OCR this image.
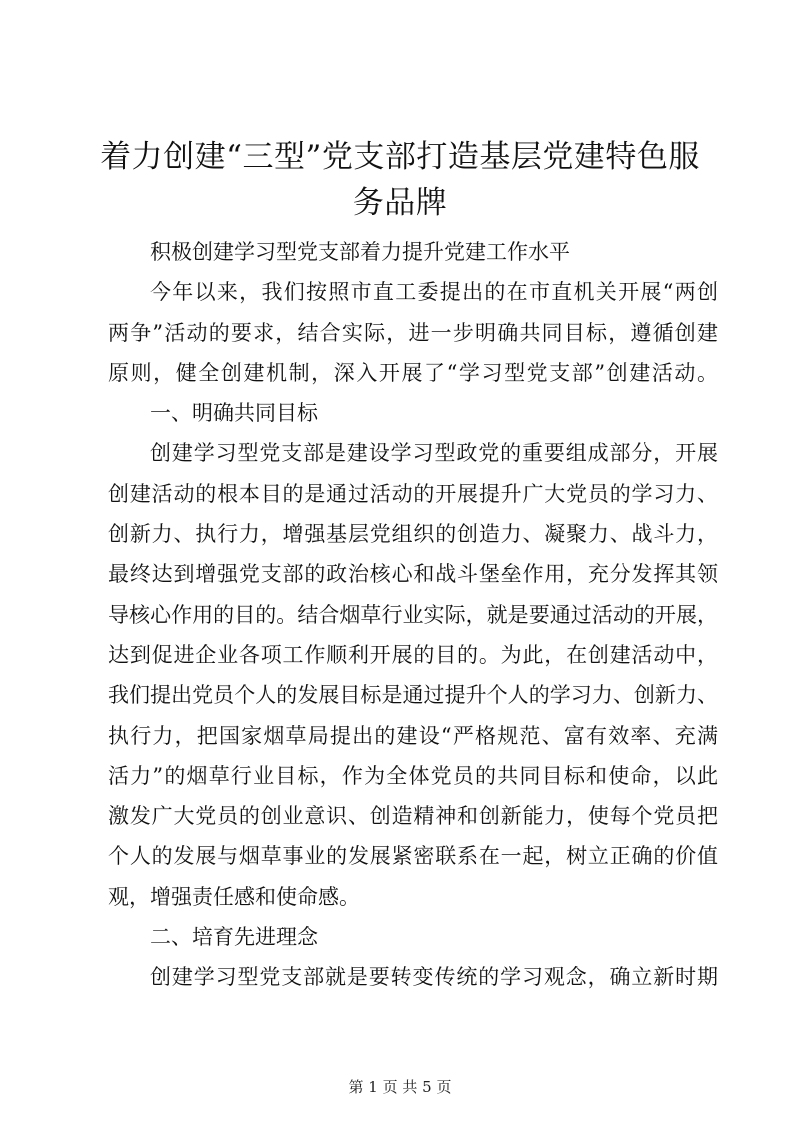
着力创建“三型”党支部打造基层党建特色服
务品牌
积极创建学习型党支部着力提升党建工作水平
今年以来，我们按照市直工委提出的在市直机关开展“两创
两争”活动的要求，结合实际，进一步明确共同目标，遵循创建
原则，健全创建机制，深入开展了“学习型党支部”创建活动。
一、明确共同目标
创建学习型党支部是建设学习型政党的重要组成部分，开展
创建活动的根本目的是通过活动的开展提升广大党员的学习力、
创新力、执行力，增强基层党组织的创造力、凝聚力、战斗力，
最终达到增强党支部的政治核心和战斗堡垒作用，充分发挥其领
导核心作用的目的。结合烟草行业实际，就是要通过活动的开展，
达到促进企业各项工作顺利开展的目的。为此，在创建活动中，
我们提出党员个人的发展目标是通过提升个人的学习力、创新力、
执行力，把国家烟草局提出的建设“严格规范、富有效率、充满
活力”的烟草行业目标，作为全体党员的共同目标和使命，以此
激发广大党员的创业意识、创造精神和创新能力，使每个党员把
个人的发展与烟草事业的发展紧密联系在一起，树立正确的价值
观，增强责任感和使命感。
二、培育先进理念
创建学习型党支部就是要转变传统的学习观念，确立新时期
第 1 页 共 5 页
